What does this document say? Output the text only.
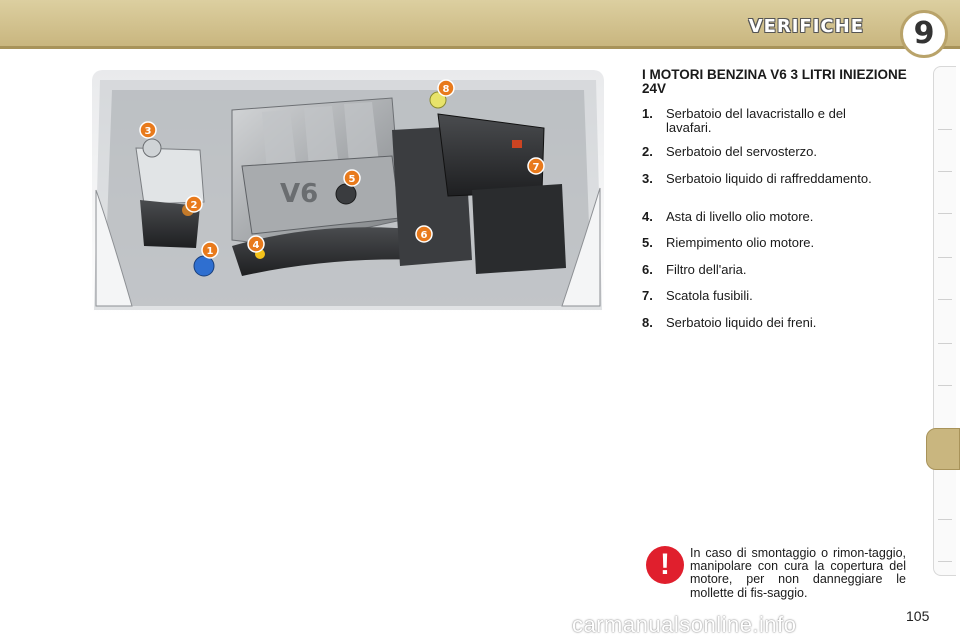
VERIFICHE	9
V6
1
2
3
4
5
6
7
8
I MOTORI BENZINA V6 3 LITRI INIEZIONE 24V
1. Serbatoio del lavacristallo e del lavafari.
2. Serbatoio del servosterzo.
3. Serbatoio liquido di raffreddamento.
4. Asta di livello olio motore.
5. Riempimento olio motore.
6. Filtro dell'aria.
7. Scatola fusibili.
8. Serbatoio liquido dei freni.
!	In caso di smontaggio o rimon-taggio, manipolare con cura la copertura del motore, per non danneggiare le mollette di fis-saggio.
carmanualsonline.info	105
